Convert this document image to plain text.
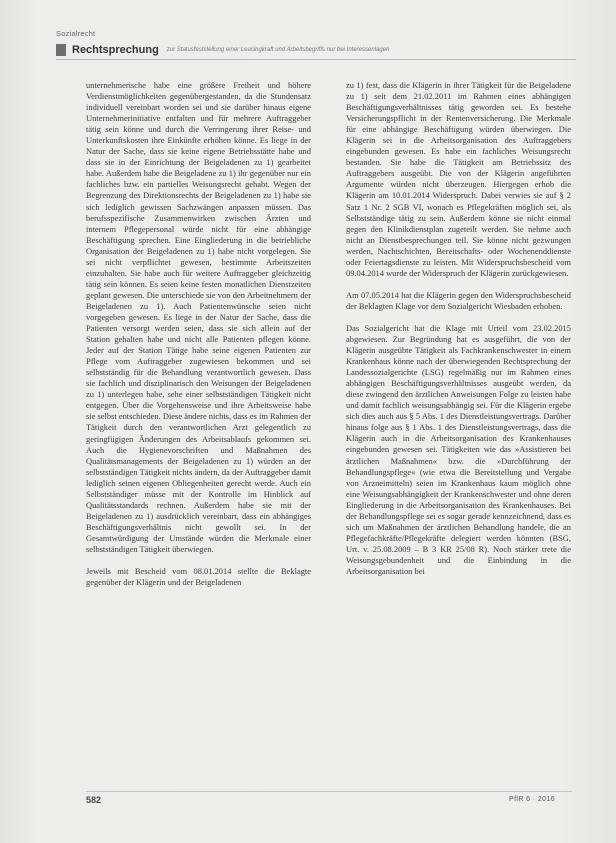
Sozialrecht
Rechtsprechung zur Statusfeststellung einer Leasingkraft und Arbeitsbegriffs nur bei Interessenlagen

unternehmerische habe eine größere Freiheit und höhere Verdienstmöglichkeiten gegenübergestanden, da die Stundensatz individuell vereinbart worden sei und sie darüber hinaus eigene Unternehmerinitiative entfalten und für mehrere Auftraggeber tätig sein könne und durch die Verringerung ihrer Reise- und Unterkunftskosten ihre Einkünfte erhöhen könne. Es liege in der Natur der Sache, dass sie keine eigene Betriebsstätte habe und dass sie in der Einrichtung der Beigeladenen zu 1) gearbeitet habe. Außerdem habe die Beigeladene zu 1) ihr gegenüber nur ein fachliches bzw. ein partielles Weisungsrecht gehabt. Wegen der Begrenzung des Direktionsrechts der Beigeladenen zu 1) habe sie sich lediglich gewissen Sachzwängen anpassen müssen. Das berufsspezifische Zusammenwirken zwischen Ärzten und internem Pflegepersonal würde nicht für eine abhängige Beschäftigung sprechen. Eine Eingliederung in die betriebliche Organisation der Beigeladenen zu 1) habe nicht vorgelegen. Sie sei nicht verpflichtet gewesen, bestimmte Arbeitszeiten einzuhalten. Sie habe auch für weitere Auftraggeber gleichzeitig tätig sein können. Es seien keine festen monatlichen Dienstzeiten geplant gewesen. Die unterschiede sie von den Arbeitnehmern der Beigeladenen zu 1). Auch Patientenwünsche seien nicht vorgegeben gewesen. Es liege in der Natur der Sache, dass die Patienten versorgt werden seien, dass sie sich allein auf der Station gehalten habe und nicht alle Patienten pflegen könne. Jeder auf der Station Tätige habe seine eigenen Patienten zur Pflege vom Auftraggeber zugewiesen bekommen und sei selbstständig für die Behandlung verantwortlich gewesen. Dass sie fachlich und disziplinarisch den Weisungen der Beigeladenen zu 1) unterlegen habe, sehe einer selbstständigen Tätigkeit nicht entgegen. Über die Vorgehensweise und ihre Arbeitsweise habe sie selbst entschieden. Diese ändere nichts, dass es im Rahmen der Tätigkeit durch den verantwortlichen Arzt gelegentlich zu geringfügigen Änderungen des Arbeitsablaufs gekommen sei. Auch die Hygienevorschriften und Maßnahmen des Qualitätsmanagements der Beigeladenen zu 1) würden an der selbstständigen Tätigkeit nichts ändern, da der Auftraggeber damit lediglich seinen eigenen Obliegenheiten gerecht werde. Auch ein Selbstständiger müsse mit der Kontrolle im Hinblick auf Qualitätsstandards rechnen. Außerdem habe sie mit der Beigeladenen zu 1) ausdrücklich vereinbart, dass ein abhängiges Beschäftigungsverhältnis nicht gewollt sei. In der Gesamtwürdigung der Umstände würden die Merkmale einer selbstständigen Tätigkeit überwiegen.

Jeweils mit Bescheid vom 08.01.2014 stellte die Beklagte gegenüber der Klägerin und der Beigeladenen

zu 1) fest, dass die Klägerin in ihrer Tätigkeit für die Beigeladene zu 1) seit dem 21.02.2011 im Rahmen eines abhängigen Beschäftigungsverhältnisses tätig geworden sei. Es bestehe Versicherungspflicht in der Rentenversicherung. Die Merkmale für eine abhängige Beschäftigung würden überwiegen. Die Klägerin sei in die Arbeitsorganisation des Auftraggebers eingebunden gewesen. Es habe ein fachliches Weisungsrecht bestanden. Sie habe die Tätigkeit am Betriebssitz des Auftraggebers ausgeübt. Die von der Klägerin angeführten Argumente würden nicht überzeugen. Hiergegen erhob die Klägerin am 10.01.2014 Widerspruch. Dabei verwies sie auf § 2 Satz 1 Nr. 2 SGB VI, wonach es Pflegekräften möglich sei, als Selbstständige tätig zu sein. Außerdem könne sie nicht einmal gegen den Klinikdienstplan zugeteilt werden. Sie nehme auch nicht an Dienstbesprechungen teil. Sie könne nicht gezwungen werden, Nachtschichten, Bereitschafts- oder Wochenenddienste oder Feiertagsdienste zu leisten. Mit Widerspruchsbescheid vom 09.04.2014 wurde der Widerspruch der Klägerin zurückgewiesen.

Am 07.05.2014 hat die Klägerin gegen den Widerspruchsbescheid der Beklagten Klage vor dem Sozialgericht Wiesbaden erhoben.

Das Sozialgericht hat die Klage mit Urteil vom 23.02.2015 abgewiesen. Zur Begründung hat es ausgeführt, die von der Klägerin ausgeübte Tätigkeit als Fachkrankenschwester in einem Krankenhaus könne nach der überwiegenden Rechtsprechung der Landessozialgerichte (LSG) regelmäßig nur im Rahmen eines abhängigen Beschäftigungsverhältnisses ausgeübt werden, da diese zwingend den ärztlichen Anweisungen Folge zu leisten habe und damit fachlich weisungsabhängig sei. Für die Klägerin ergebe sich dies auch aus § 5 Abs. 1 des Dienstleistungsvertrags. Darüber hinaus folge aus § 1 Abs. 1 des Dienstleistungsvertrags, dass die Klägerin auch in die Arbeitsorganisation des Krankenhauses eingebunden gewesen sei. Tätigkeiten wie das »Assistieren bei ärztlichen Maßnahmen« bzw. die »Durchführung der Behandlungspflege« (wie etwa die Bereitstellung und Vergabe von Arzneimitteln) seien im Krankenhaus kaum möglich ohne eine Weisungsabhängigkeit der Krankenschwester und ohne deren Eingliederung in die Arbeitsorganisation des Krankenhauses. Bei der Behandlungspflege sei es sogar gerade kennzeichnend, dass es sich um Maßnahmen der ärztlichen Behandlung handele, die an Pflegefachkräfte/Pflegekräfte delegiert werden könnten (BSG, Urt. v. 25.08.2009 – B 3 KR 25/08 R). Noch stärker trete die Weisungsgebundenheit und die Einbindung in die Arbeitsorganisation bei

582	PflR 6 · 2016
